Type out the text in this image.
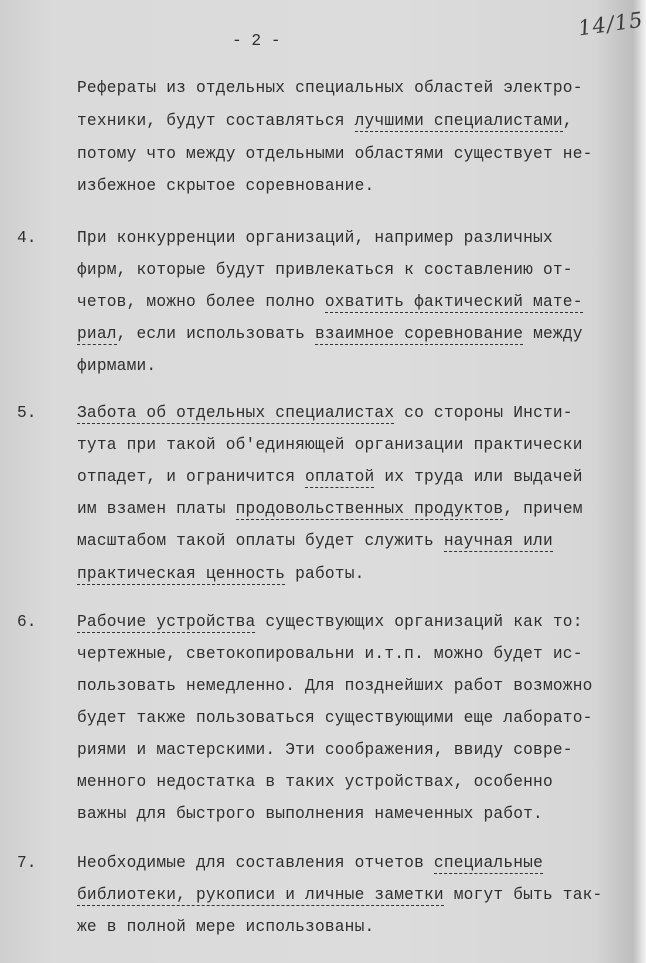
- 2 -
14/15
Рефераты из отдельных специальных областей электро-
техники, будут составляться лучшими специалистами,
потому что между отдельными областями существует не-
избежное скрытое соревнование.
4.	При конкурренции организаций, например различных
фирм, которые будут привлекаться к составлению от-
четов, можно более полно охватить фактический мате-
риал, если использовать взаимное соревнование между
фирмами.
5.	Забота об отдельных специалистах со стороны Инсти-
тута при такой об'единяющей организации практически
отпадет, и ограничится оплатой их труда или выдачей
им взамен платы продовольственных продуктов, причем
масштабом такой оплаты будет служить научная или
практическая ценность работы.
6.	Рабочие устройства существующих организаций как то:
чертежные, светокопировальни и.т.п. можно будет ис-
пользовать немедленно. Для позднейших работ возможно
будет также пользоваться существующими еще лаборато-
риями и мастерскими. Эти соображения, ввиду совре-
менного недостатка в таких устройствах, особенно
важны для быстрого выполнения намеченных работ.
7.	Необходимые для составления отчетов специальные
библиотеки, рукописи и личные заметки могут быть так-
же в полной мере использованы.
